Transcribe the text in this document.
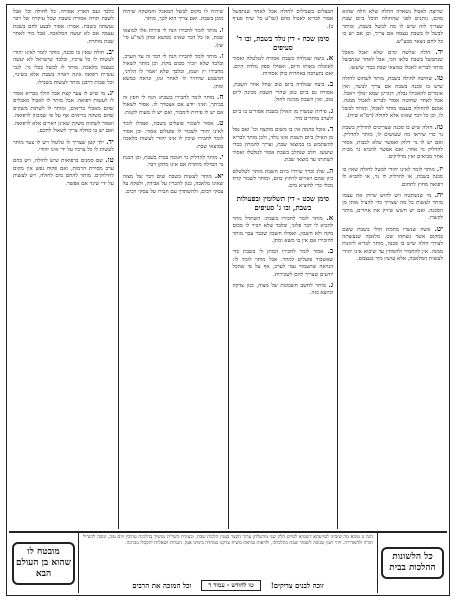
שרוצה לאכול נשארה החלה שלא חלה שהוא מהם, נותנים לפני שהחולה תוכל ביום שבת שצריך לזה שיש לו מה לבשל בשבת, ומותר לבשל לו בשבת עצמה אם צריך, וכן אם יש בו כל לחם נשאר מבע"ש.
יד. חולה שלשה ימים שלא יאכל מאכל שנתבשל בשבת בלאו הכי, אבל לאחר שנתבשל מותר לבריא לאכלו במוצאי שבת בכדי שיעשו.
טו. שחיטה לחולה בשבת, מותר לשחוט לחולה שיש בו סכנה בשבת אם צריך לבשר, ואין אומרים להאכילו נבלה, דגזרינן שמא ימלך ויאכל. אבל לאחר שחוטה אסור לבריא לאכול ממנה. אמנם להחולה בעצמו מותר לאכול, ומותר לבשל לו, וכן כל דבר שאינו אלא לחולה (רמ"א שיח).
טז. חולה שיש בו סכנה שצריכים להדליק בשבת נר כדי שיראו מה שעושים לו, מותר להדליק. ואם יש לו נר דלוק ואפשר שלא לכבות, אסור להדליק נר אחר. ואם אפשר להביא נר מבית אחר מביאים ואין מדליקים.
יז. מותר לומר לאינו יהודי לבשל לחולה שאין בו סכנה בשבת, או להדליק לו נר, או להביא לו רפואה מחוץ לתחום.
יח. מי שנשתטה ויש לחוש שיזיק את עצמו מותר לעשות כל מה שצריך כדי להציל אותו מן הסכנה. ואם יש חשש שיזיק את אחרים, מותר לקשרו.
יט. אשה שנשרו מחמת חולי בשבת ששם במקום אשר נשתהו שם. מלאכה שנעשתה לצורך חולה שיש בו סכנה, מותר לבריא ליהנות ממנה. אין להחמיר ולהמתין עד שיבוא אינו יהודי לעשות המלאכה, אלא עושין מיד בעצמם.
הבצלים בשבילים לחולה אבל לאחר שנתבשל אסור לבריא לאכול מהם (שו"ע סי' שיח סעיף ב).
סימן שכח - דין נולד בשבת, ובו ד' סעיפים
א. ביצה שנולדה בשבת אסורה לטלטלה ואסור לאוכלה באותו היום, ואפילו ספק נולדה היום. ואם נתערבה באחרות כולן אסורות.
ב. ביצה שנולדה ביום טוב שחל אחר השבת, אסורה גם ביום טוב שהרי השבת מכינה ליום טוב, ואין השבת מכינה לחול.
ג. פירות שנשרו מן האילן בשבת אסורים בו ביום ולערב מותרים מיד.
ד. אוכל בהמה אין בו משום מוקצה וכו' ואם נפל מן האילן ביום השבת אינו נולד, ולכן מותר לבריא להשתמש בו במוצאי שבת, וצריך להמתין בכדי שיעשו. חלב שנחלב בשבת אסור לטלטלו ואסור לשתותו עד מוצאי שבת.
ה. שלג וברד שירדו ביום השבת מותר לטלטלם כיון שהם ראויים לרחוץ בהם, ומותר לשבור קרח מכלי כדי להוציא מים.
סימן שכט - דין תשלומין ובפעולות בשבת, ובו ג' סעיפים
א. מותר לומר לחבירו בשבת: השתדל מחר להביא לי דבר פלוני, ובלבד שלא יזכיר לו סכום מקח ולא חשבון. ואפילו חשבון שכבר עבר מותר להזכירו אם אין בו משא ומתן.
ב. אסור לומר לחבירו המתן לי בשבת כדי שאשכור פועלים למחר. אבל מותר לומר לו: הנראה שתעמוד עמי לערב, אף על פי שהכל יודעים שצריך להם לשכירות.
ג. מותר לחשב חשבונות של מצוה, כגון צדקה וכיוצא בזה.
שיהיה לו מקום לבשל המאכל והמשקה שיהיה מוכן בשבת. ואם צריך הוא לכך, מותר.
ו. מותר לומר לחבירו הנח לי פירות אלו למוצאי שבת, או כל דבר שאינו ממשא ומתן (שו"ע סי' שו).
ז. מותר לומר לחבירו הנח לי דבר זה עד הערב, ובלבד שלא יזכיר סכום מקח. וכן מותר לשאול מחבירו יין ושמן, ובלבד שלא יאמר לו הלויני, דמשמע שיחזיר לו לאחר זמן, ונראה כמשא ומתן.
ח. מותר לומר לחבירו בשבת: הנח לי חפץ זה בביתך, ואיני יודע אם אצטרך לו. אסור לשאול אם יש לו פירות לימכור, ואם יש לו מעות לקנות.
ט. אסור לשכור פועלים בשבת, ואפילו לומר לאינו יהודי לשכור לו פועלים אסור. וכן אסור לומר לחבירו שיכין לו אינו יהודי לעשות מלאכה במוצאי שבת.
י. מותר להדליק נר חנוכה בבית בשבת, וכן הכנת נר הבדלה מותרת אם אינו מתקן דבר.
יא. מותר לעשות בשבת שום דבר של מצוה שאינו מלאכה, כגון להכריז על אבידה, ולפקח על עסקי רבים, ולהשתדך עם חבירו על עסקי רבים.
בלבד ועם הארץ אסורה. כל לחולה וכו' אבל לשבת תורה אסורה בשבת שכל עיקרה של דבר נעשתה בשבת. אמרו: אסור לבצע לחם בשבת עצמה אם לא יעשה המלאכה. אבל מיד לאחר שבת מותרת.
יב. חולה שאין בו סכנה, מותר לומר לאינו יהודי לעשות לו כל צרכיו, ובלבד שישראל לא יעשה בעצמו מלאכה. מותר לו לבשל בכלי גוי. לגבי עשיית רפואה אינה ראויה בשבת אלא בשינוי, וכל שבות דרבנן מותר לעשות בשבילו.
יג. מי שיש לו צער קצת אבל הולך כבריא אסור לו לעשות רפואה. אבל מותר לו לאכול מאכלים שהם מאכלי בריאים, ומותר לו לשתות משקים שהם משקה בריאים אף על פי שמכוון לרפואה. ואסור לשתות משקין שאינן ראויים אלא לרפואה. ואם יש בו מחלה צריך לשאול לחכם.
יד. ילד קטן שצריך לו טלטול ויש לו צער מותר לעשות לו כל צרכיו על ידי אינו יהודי.
טו. שם סמנים ברפואות שיש לחולה, ויש בהם ערב מסירת הרמות, ואם פקוח נפש אין מקום לחילוקים. מותר להחם מים לחולה, ויש לעשות על ידי שינוי אם אפשר.
כל הלשונות ההלכות בבית
הגה נו טובא מה שזכינו לסייעתא דשמיא לסיים חלק שני מהשלחן ערוך הקצר בענין הלכות שבת, ובעזרת השי"ת נמשיך בהלכות ערובין ויום טוב, ונזכה להגדיל תורה ולהאדירה. ויהי רצון שנזכה לשמור שבת כהלכתה, ולראות בביאת משיח צדקנו במהרה בימינו אמן. הערות ושאלות יתקבלו בברכה.
זוכה לבנים צדיקים!
טו לחודש - עמוד ד
וכל המזכה את הרבים
מובטח לו שהוא בן העולם הבא
